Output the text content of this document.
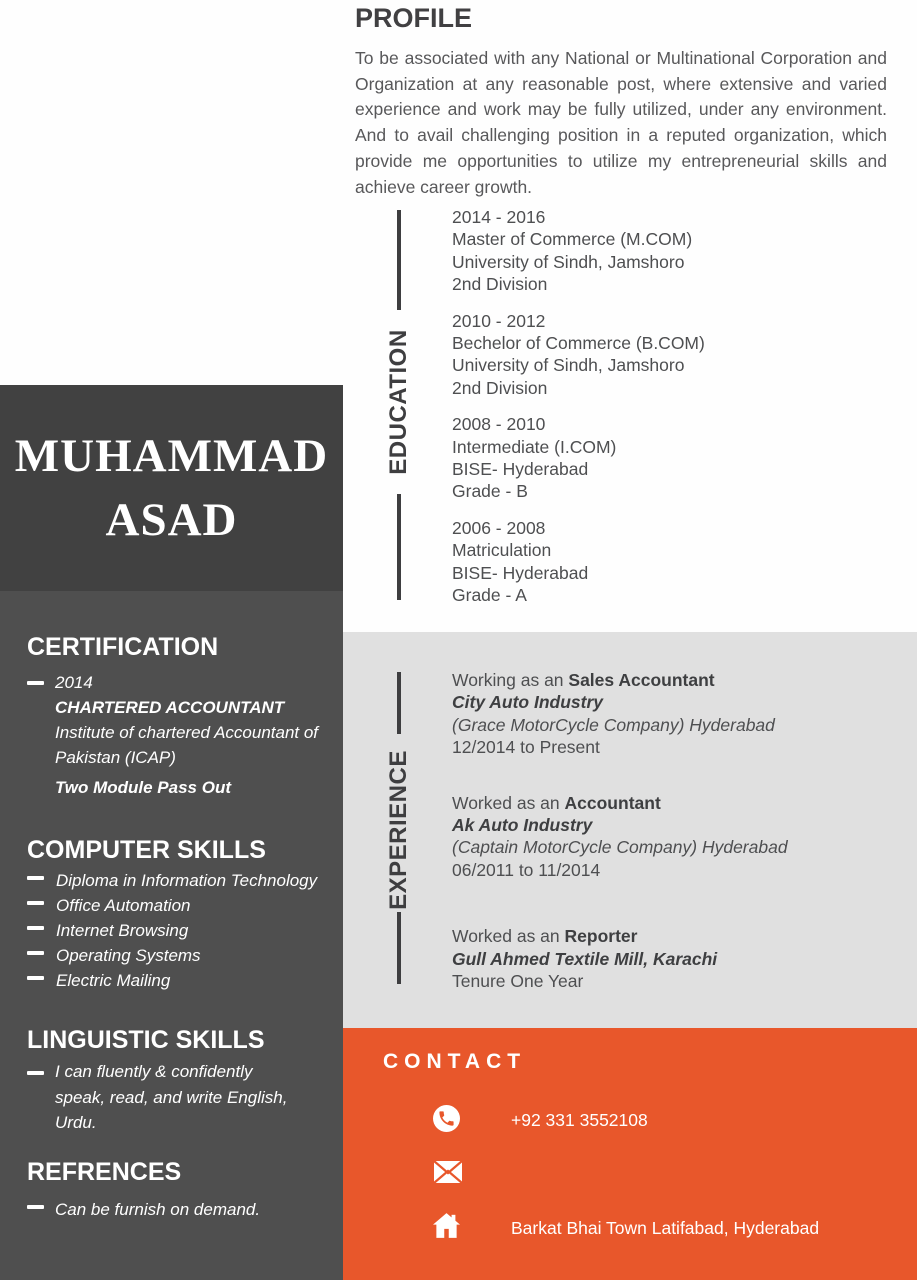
MUHAMMAD
ASAD
PROFILE
To be associated with any National or Multinational Corporation and Organization at any reasonable post, where extensive and varied experience and work may be fully utilized, under any environment. And to avail challenging position in a reputed organization, which provide me opportunities to utilize my entrepreneurial skills and achieve career growth.
EDUCATION
2014 - 2016
Master of Commerce (M.COM)
University of Sindh, Jamshoro
2nd Division
2010 - 2012
Bechelor of Commerce (B.COM)
University of Sindh, Jamshoro
2nd Division
2008 - 2010
Intermediate (I.COM)
BISE- Hyderabad
Grade - B
2006 - 2008
Matriculation
BISE- Hyderabad
Grade - A
EXPERIENCE
Working as an Sales Accountant
City Auto Industry
(Grace MotorCycle Company) Hyderabad
12/2014 to Present
Worked as an Accountant
Ak Auto Industry
(Captain MotorCycle Company) Hyderabad
06/2011 to 11/2014
Worked as an Reporter
Gull Ahmed Textile Mill, Karachi
Tenure One Year
CERTIFICATION
2014
CHARTERED ACCOUNTANT
Institute of chartered Accountant of Pakistan (ICAP)
Two Module Pass Out
COMPUTER SKILLS
Diploma in Information Technology
Office Automation
Internet Browsing
Operating Systems
Electric Mailing
LINGUISTIC SKILLS
I can fluently & confidently speak, read, and write English, Urdu.
REFRENCES
Can be furnish on demand.
CONTACT
+92 331 3552108
Barkat Bhai Town Latifabad, Hyderabad
